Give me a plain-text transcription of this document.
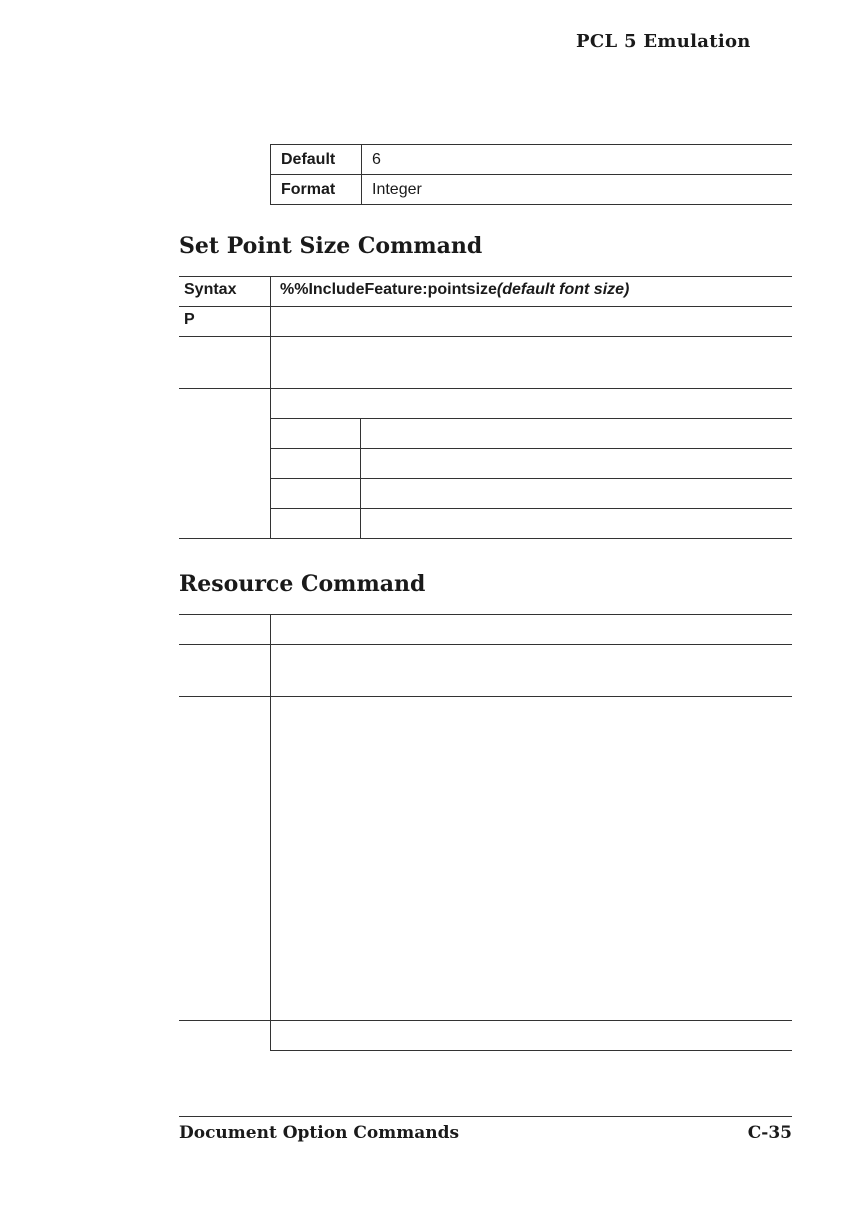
PCL 5 Emulation
Default	6
Format	Integer
Set Point Size Command
Syntax	%%IncludeFeature:pointsize(default font size)
P
Resource Command
Document Option Commands	C-35
